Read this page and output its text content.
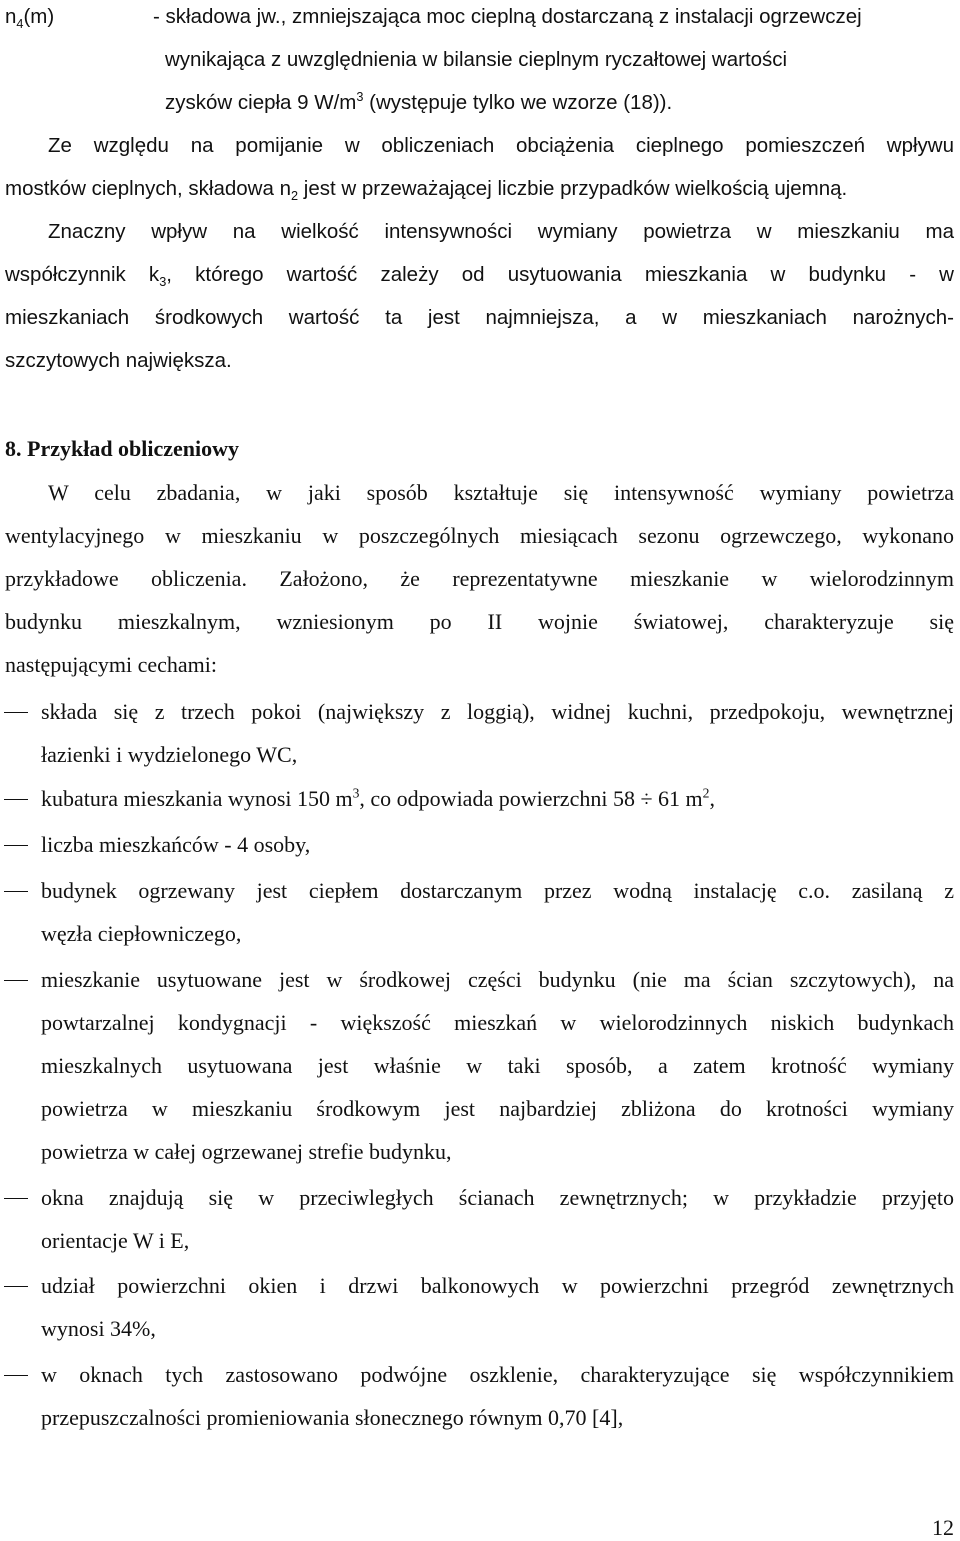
$n_4(m)$	- składowa jw., zmniejszająca moc cieplną dostarczaną z instalacji ogrzewczej
wynikająca z uwzględnienia w bilansie cieplnym ryczałtowej wartości
zysków ciepła 9 $W/m^3$ (występuje tylko we wzorze (18)).
Ze względu na pomijanie w obliczeniach obciążenia cieplnego pomieszczeń wpływu
mostków cieplnych, składowa $n_2$ jest w przeważającej liczbie przypadków wielkością ujemną.
Znaczny wpływ na wielkość intensywności wymiany powietrza w mieszkaniu ma
współczynnik $k_3$, którego wartość zależy od usytuowania mieszkania w budynku - w
mieszkaniach środkowych wartość ta jest najmniejsza, a w mieszkaniach narożnych-
szczytowych największa.
8. Przykład obliczeniowy
W celu zbadania, w jaki sposób kształtuje się intensywność wymiany powietrza
wentylacyjnego w mieszkaniu w poszczególnych miesiącach sezonu ogrzewczego, wykonano
przykładowe obliczenia. Założono, że reprezentatywne mieszkanie w wielorodzinnym
budynku mieszkalnym, wzniesionym po II wojnie światowej, charakteryzuje się
następującymi cechami:
składa się z trzech pokoi (największy z loggią), widnej kuchni, przedpokoju, wewnętrznej
łazienki i wydzielonego WC,
kubatura mieszkania wynosi 150 $m^3$, co odpowiada powierzchni 58 ÷ 61 $m^2$,
liczba mieszkańców - 4 osoby,
budynek ogrzewany jest ciepłem dostarczanym przez wodną instalację c.o. zasilaną z
węzła ciepłowniczego,
mieszkanie usytuowane jest w środkowej części budynku (nie ma ścian szczytowych), na
powtarzalnej kondygnacji - większość mieszkań w wielorodzinnych niskich budynkach
mieszkalnych usytuowana jest właśnie w taki sposób, a zatem krotność wymiany
powietrza w mieszkaniu środkowym jest najbardziej zbliżona do krotności wymiany
powietrza w całej ogrzewanej strefie budynku,
okna znajdują się w przeciwległych ścianach zewnętrznych; w przykładzie przyjęto
orientacje W i E,
udział powierzchni okien i drzwi balkonowych w powierzchni przegród zewnętrznych
wynosi 34%,
w oknach tych zastosowano podwójne oszklenie, charakteryzujące się współczynnikiem
przepuszczalności promieniowania słonecznego równym 0,70 [4],
12
